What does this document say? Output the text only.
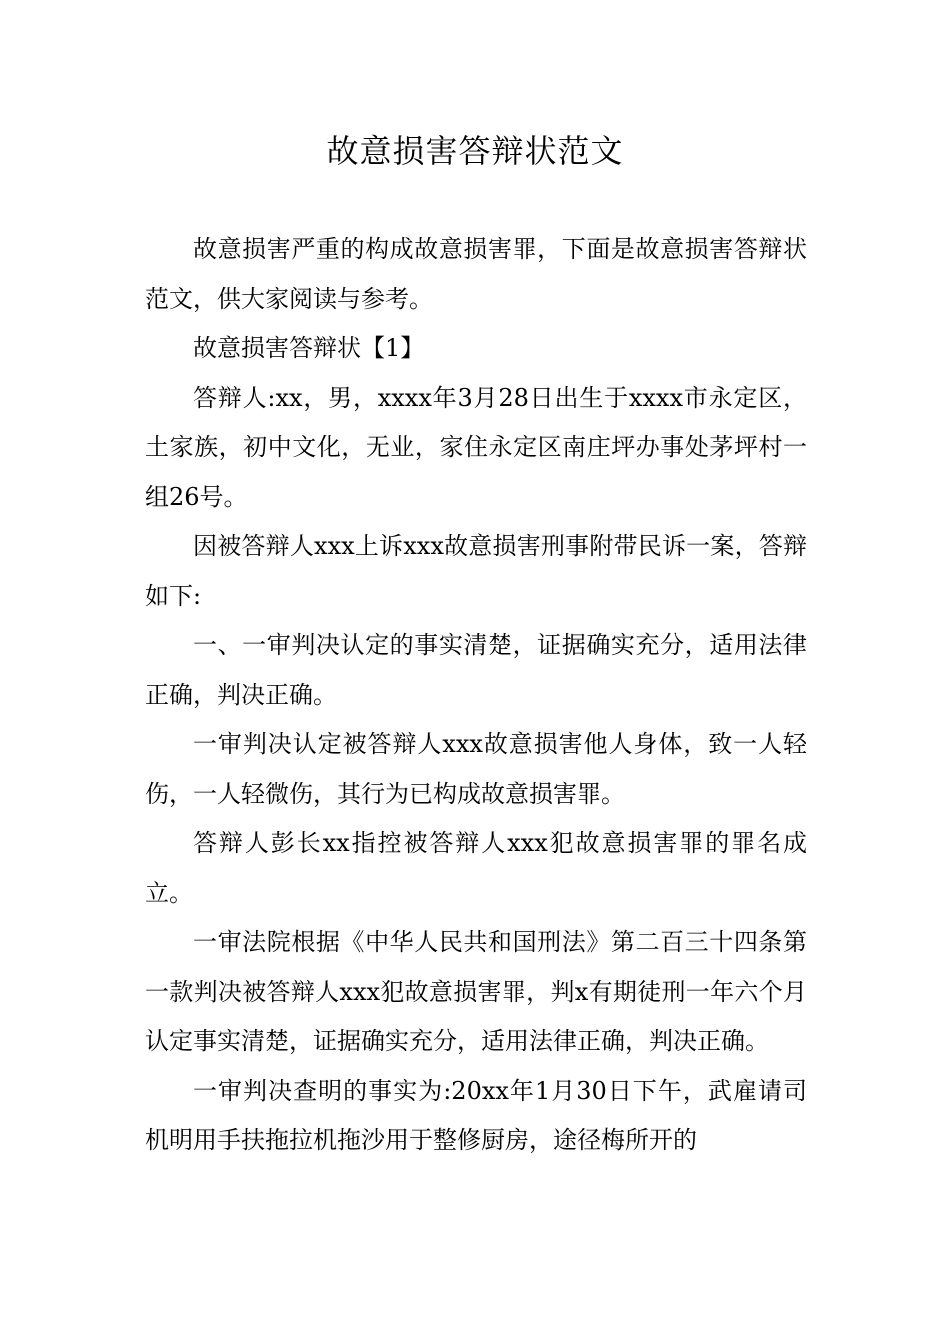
故意损害答辩状范文

故意损害严重的构成故意损害罪，下面是故意损害答辩状范文，供大家阅读与参考。

故意损害答辩状【1】

答辩人:xx，男，xxxx年3月28日出生于xxxx市永定区，土家族，初中文化，无业，家住永定区南庄坪办事处茅坪村一组26号。

因被答辩人xxx上诉xxx故意损害刑事附带民诉一案，答辩如下:

一、一审判决认定的事实清楚，证据确实充分，适用法律正确，判决正确。

一审判决认定被答辩人xxx故意损害他人身体，致一人轻伤，一人轻微伤，其行为已构成故意损害罪。

答辩人彭长xx指控被答辩人xxx犯故意损害罪的罪名成立。

一审法院根据《中华人民共和国刑法》第二百三十四条第一款判决被答辩人xxx犯故意损害罪，判x有期徒刑一年六个月认定事实清楚，证据确实充分，适用法律正确，判决正确。

一审判决查明的事实为:20xx年1月30日下午，武雇请司机明用手扶拖拉机拖沙用于整修厨房，途径梅所开的
